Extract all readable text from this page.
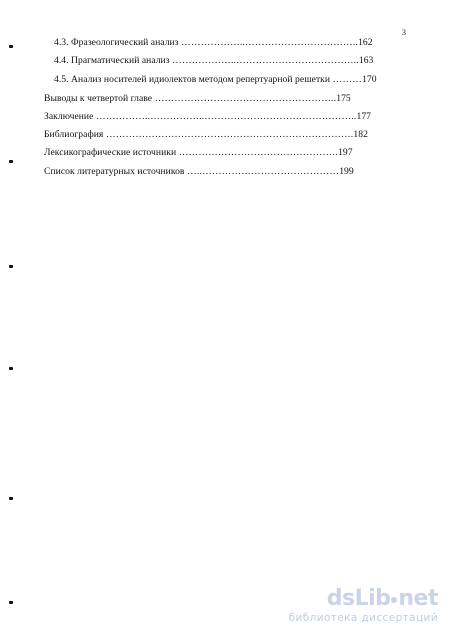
3
4.3. Фразеологический анализ ………………..……………………………..162
4.4. Прагматический анализ ………………..………………………………..163
4.5. Анализ носителей идиолектов методом репертуарной решетки ………170
Выводы к четвертой главе ………………………………………………..175
Заключение ……………..……………..………………………………………..177
Библиография ………………………………………………………………….182
Лексикографические источники ………………………………………….197
Список литературных источников …..……………………………………199
dsLib net
библиотека диссертаций
